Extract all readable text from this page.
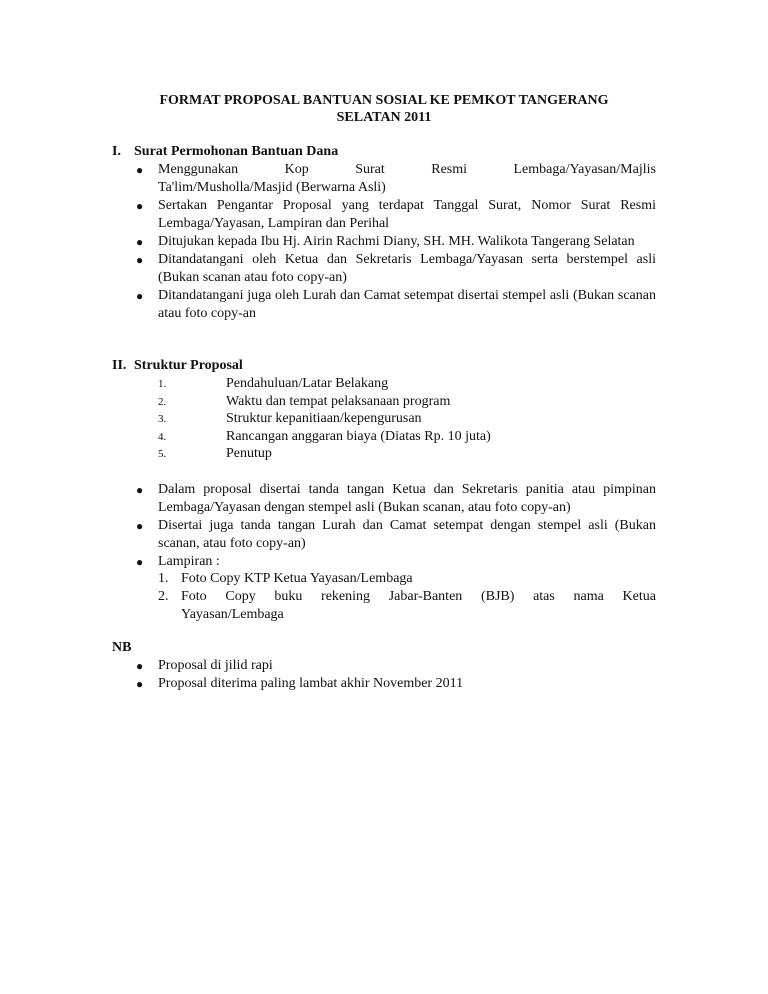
FORMAT PROPOSAL BANTUAN SOSIAL KE PEMKOT TANGERANG
SELATAN 2011
I. Surat Permohonan Bantuan Dana
● Menggunakan	Kop	Surat	Resmi	Lembaga/Yayasan/Majlis
Ta'lim/Musholla/Masjid (Berwarna Asli)
● Sertakan Pengantar Proposal yang terdapat Tanggal Surat, Nomor Surat Resmi Lembaga/Yayasan, Lampiran dan Perihal
● Ditujukan kepada Ibu Hj. Airin Rachmi Diany, SH. MH. Walikota Tangerang Selatan
● Ditandatangani oleh Ketua dan Sekretaris Lembaga/Yayasan serta berstempel asli (Bukan scanan atau foto copy-an)
● Ditandatangani juga oleh Lurah dan Camat setempat disertai stempel asli (Bukan scanan atau foto copy-an
II. Struktur Proposal
1.	Pendahuluan/Latar Belakang
2.	Waktu dan tempat pelaksanaan program
3.	Struktur kepanitiaan/kepengurusan
4.	Rancangan anggaran biaya (Diatas Rp. 10 juta)
5.	Penutup
● Dalam proposal disertai tanda tangan Ketua dan Sekretaris panitia atau pimpinan Lembaga/Yayasan dengan stempel asli (Bukan scanan, atau foto copy-an)
● Disertai juga tanda tangan Lurah dan Camat setempat dengan stempel asli (Bukan scanan, atau foto copy-an)
● Lampiran :
1. Foto Copy KTP Ketua Yayasan/Lembaga
2. Foto Copy buku rekening Jabar-Banten (BJB) atas nama Ketua
Yayasan/Lembaga
NB
● Proposal di jilid rapi
● Proposal diterima paling lambat akhir November 2011
